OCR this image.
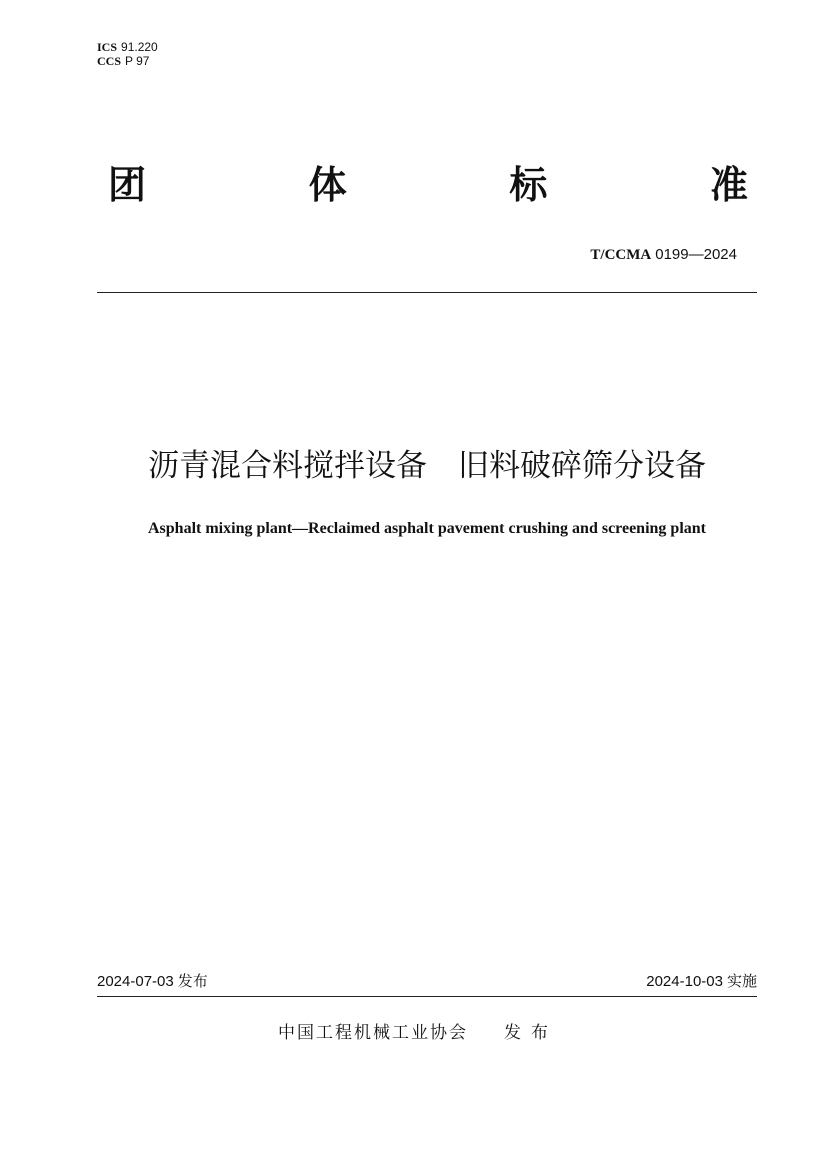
ICS 91.220
CCS P 97
团	体	标	准
T/CCMA 0199—2024
沥青混合料搅拌设备　旧料破碎筛分设备
Asphalt mixing plant—Reclaimed asphalt pavement crushing and screening plant
2024-07-03 发布	2024-10-03 实施
中国工程机械工业协会 发布
